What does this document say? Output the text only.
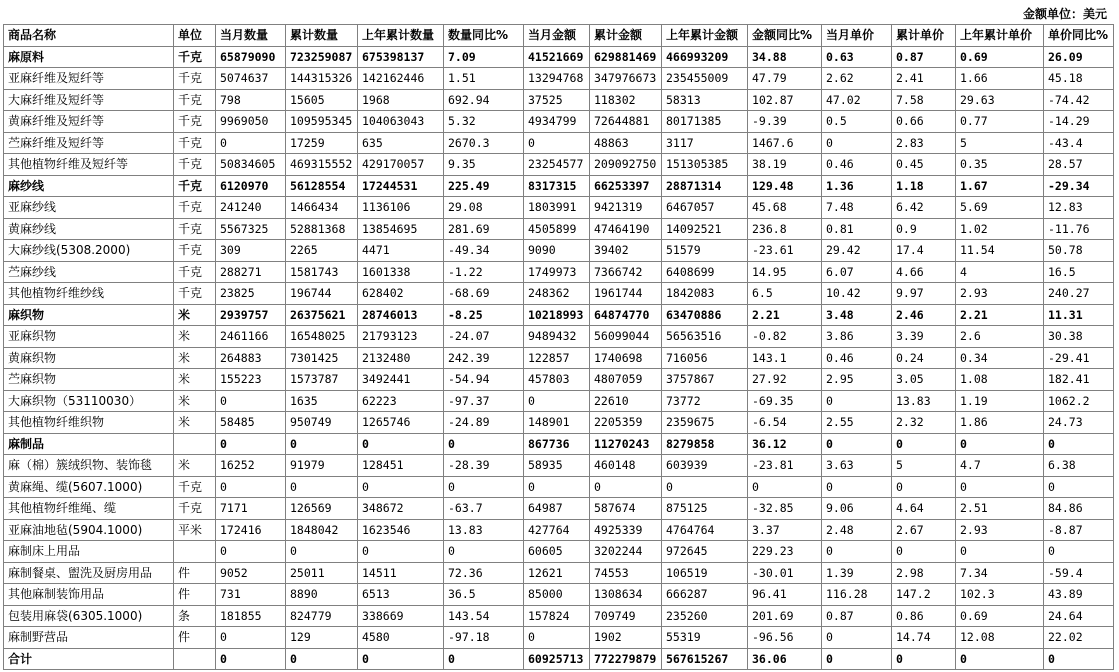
金额单位：美元
商品名称	单位	当月数量	累计数量	上年累计数量	数量同比%	当月金额	累计金额	上年累计金额	金额同比%	当月单价	累计单价	上年累计单价	单价同比%
麻原料	千克	65879090	723259087	675398137	7.09	41521669	629881469	466993209	34.88	0.63	0.87	0.69	26.09
亚麻纤维及短纤等	千克	5074637	144315326	142162446	1.51	13294768	347976673	235455009	47.79	2.62	2.41	1.66	45.18
大麻纤维及短纤等	千克	798	15605	1968	692.94	37525	118302	58313	102.87	47.02	7.58	29.63	-74.42
黄麻纤维及短纤等	千克	9969050	109595345	104063043	5.32	4934799	72644881	80171385	-9.39	0.5	0.66	0.77	-14.29
苎麻纤维及短纤等	千克	0	17259	635	2670.3	0	48863	3117	1467.6	0	2.83	5	-43.4
其他植物纤维及短纤等	千克	50834605	469315552	429170057	9.35	23254577	209092750	151305385	38.19	0.46	0.45	0.35	28.57
麻纱线	千克	6120970	56128554	17244531	225.49	8317315	66253397	28871314	129.48	1.36	1.18	1.67	-29.34
亚麻纱线	千克	241240	1466434	1136106	29.08	1803991	9421319	6467057	45.68	7.48	6.42	5.69	12.83
黄麻纱线	千克	5567325	52881368	13854695	281.69	4505899	47464190	14092521	236.8	0.81	0.9	1.02	-11.76
大麻纱线(5308.2000)	千克	309	2265	4471	-49.34	9090	39402	51579	-23.61	29.42	17.4	11.54	50.78
苎麻纱线	千克	288271	1581743	1601338	-1.22	1749973	7366742	6408699	14.95	6.07	4.66	4	16.5
其他植物纤维纱线	千克	23825	196744	628402	-68.69	248362	1961744	1842083	6.5	10.42	9.97	2.93	240.27
麻织物	米	2939757	26375621	28746013	-8.25	10218993	64874770	63470886	2.21	3.48	2.46	2.21	11.31
亚麻织物	米	2461166	16548025	21793123	-24.07	9489432	56099044	56563516	-0.82	3.86	3.39	2.6	30.38
黄麻织物	米	264883	7301425	2132480	242.39	122857	1740698	716056	143.1	0.46	0.24	0.34	-29.41
苎麻织物	米	155223	1573787	3492441	-54.94	457803	4807059	3757867	27.92	2.95	3.05	1.08	182.41
大麻织物（53110030）	米	0	1635	62223	-97.37	0	22610	73772	-69.35	0	13.83	1.19	1062.2
其他植物纤维织物	米	58485	950749	1265746	-24.89	148901	2205359	2359675	-6.54	2.55	2.32	1.86	24.73
麻制品		0	0	0	0	867736	11270243	8279858	36.12	0	0	0	0
麻（棉）簇绒织物、装饰毯	米	16252	91979	128451	-28.39	58935	460148	603939	-23.81	3.63	5	4.7	6.38
黄麻绳、缆(5607.1000)	千克	0	0	0	0	0	0	0	0	0	0	0	0
其他植物纤维绳、缆	千克	7171	126569	348672	-63.7	64987	587674	875125	-32.85	9.06	4.64	2.51	84.86
亚麻油地毡(5904.1000)	平米	172416	1848042	1623546	13.83	427764	4925339	4764764	3.37	2.48	2.67	2.93	-8.87
麻制床上用品		0	0	0	0	60605	3202244	972645	229.23	0	0	0	0
麻制餐桌、盥洗及厨房用品	件	9052	25011	14511	72.36	12621	74553	106519	-30.01	1.39	2.98	7.34	-59.4
其他麻制装饰用品	件	731	8890	6513	36.5	85000	1308634	666287	96.41	116.28	147.2	102.3	43.89
包装用麻袋(6305.1000)	条	181855	824779	338669	143.54	157824	709749	235260	201.69	0.87	0.86	0.69	24.64
麻制野营品	件	0	129	4580	-97.18	0	1902	55319	-96.56	0	14.74	12.08	22.02
合计		0	0	0	0	60925713	772279879	567615267	36.06	0	0	0	0
